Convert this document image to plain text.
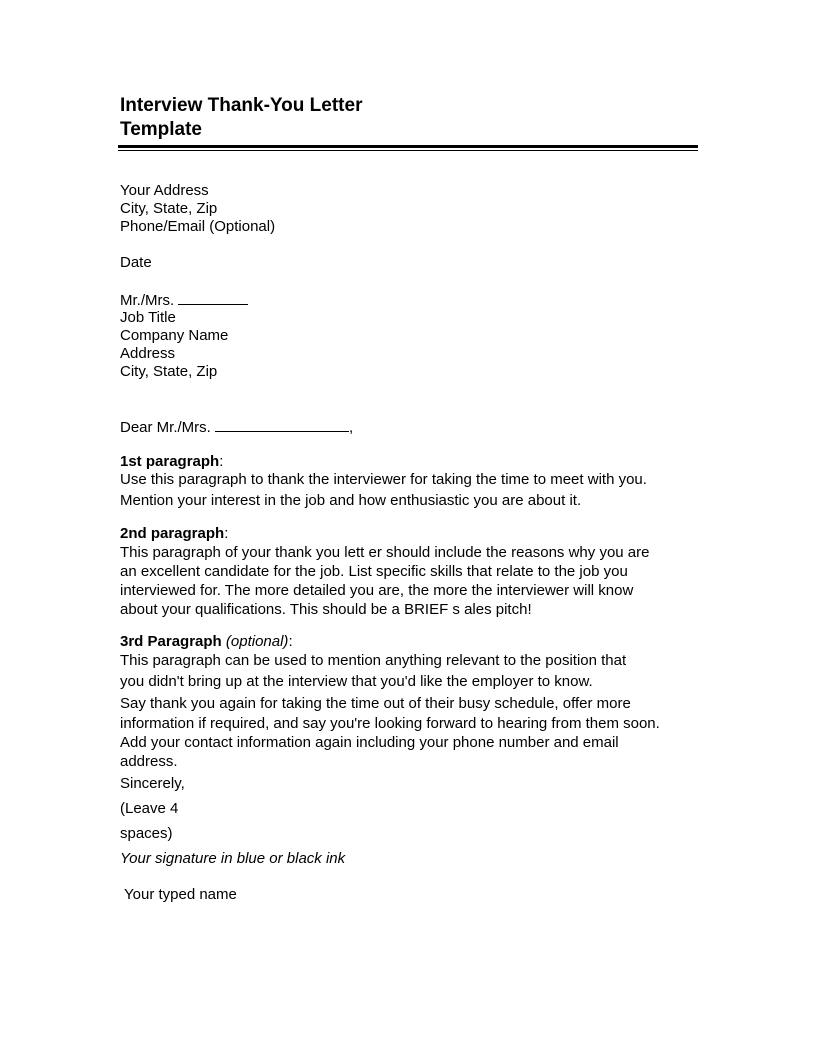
Interview Thank-You Letter
Template

Your Address

City, State, Zip

Phone/Email (Optional)

Date

Mr./Mrs.

Job Title

Company Name

Address

City, State, Zip

Dear Mr./Mrs.	,

1st paragraph:

Use this paragraph to thank the interviewer for taking the time to meet with you.

Mention your interest in the job and how enthusiastic you are about it.

2nd paragraph:

This paragraph of your thank you lett er should include the reasons why you are

an excellent candidate for the job. List specific skills that relate to the job you

interviewed for. The more detailed you are, the more the interviewer will know

about your qualifications. This should be a BRIEF s ales pitch!

3rd Paragraph (optional):

This paragraph can be used to mention anything relevant to the position that

you didn't bring up at the interview that you'd like the employer to know.

Say thank you again for taking the time out of their busy schedule, offer more

information if required, and say you're looking forward to hearing from them soon.

Add your contact information again including your phone number and email

address.

Sincerely,

(Leave 4

spaces)

Your signature in blue or black ink

Your typed name
